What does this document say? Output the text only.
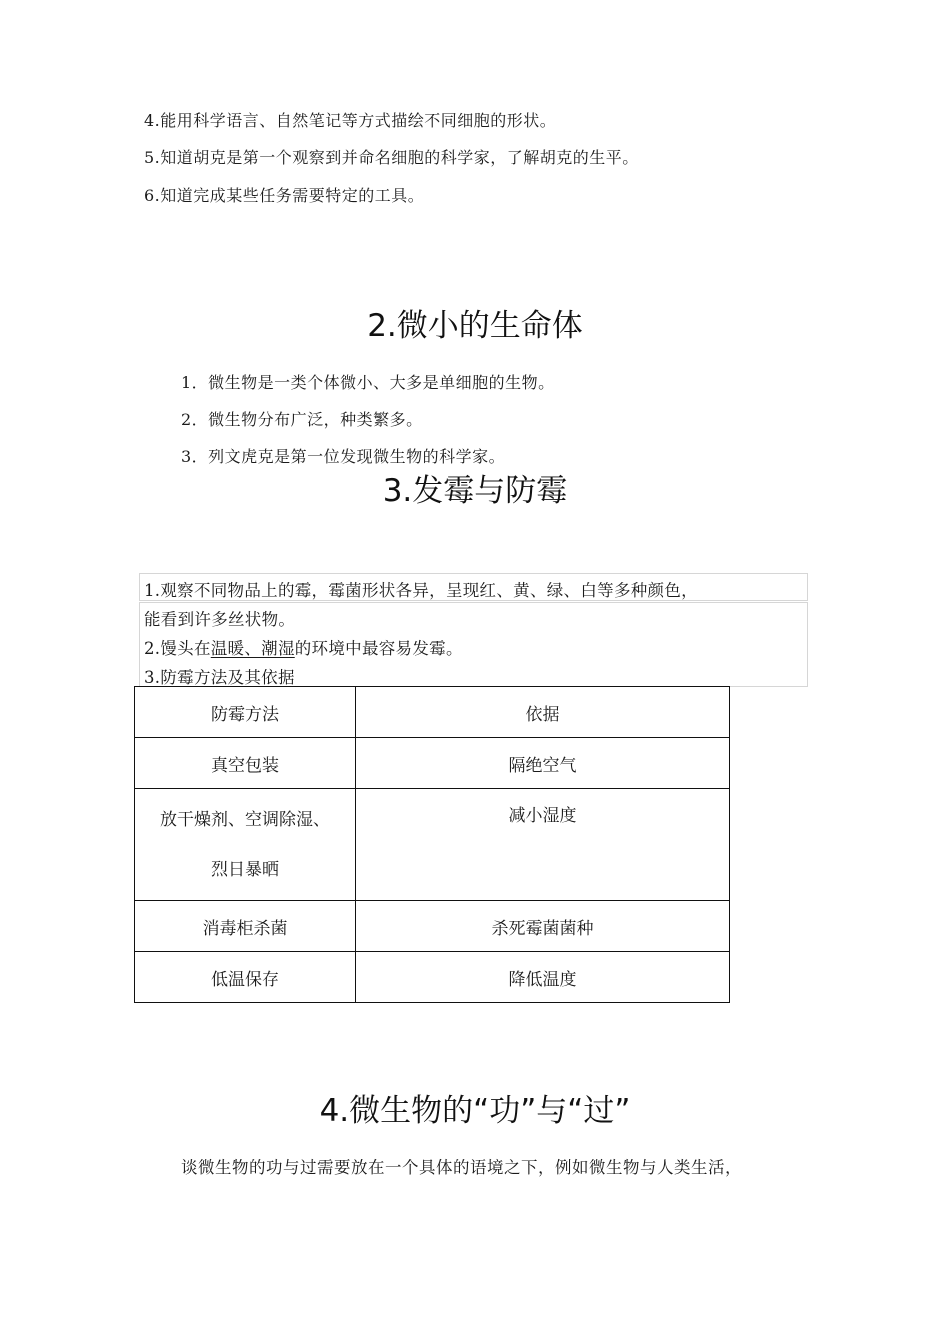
4.能用科学语言、自然笔记等方式描绘不同细胞的形状。
5.知道胡克是第一个观察到并命名细胞的科学家，了解胡克的生平。
6.知道完成某些任务需要特定的工具。
2.微小的生命体
1．微生物是一类个体微小、大多是单细胞的生物。
2．微生物分布广泛，种类繁多。
3．列文虎克是第一位发现微生物的科学家。
3.发霉与防霉
1.观察不同物品上的霉，霉菌形状各异，呈现红、黄、绿、白等多种颜色，
能看到许多丝状物。
2.馒头在温暖、潮湿的环境中最容易发霉。
3.防霉方法及其依据
防霉方法	依据
真空包装	隔绝空气
放干燥剂、空调除湿、
烈日暴晒	减小湿度
消毒柜杀菌	杀死霉菌菌种
低温保存	降低温度
4.微生物的“功”与“过”
谈微生物的功与过需要放在一个具体的语境之下，例如微生物与人类生活，
